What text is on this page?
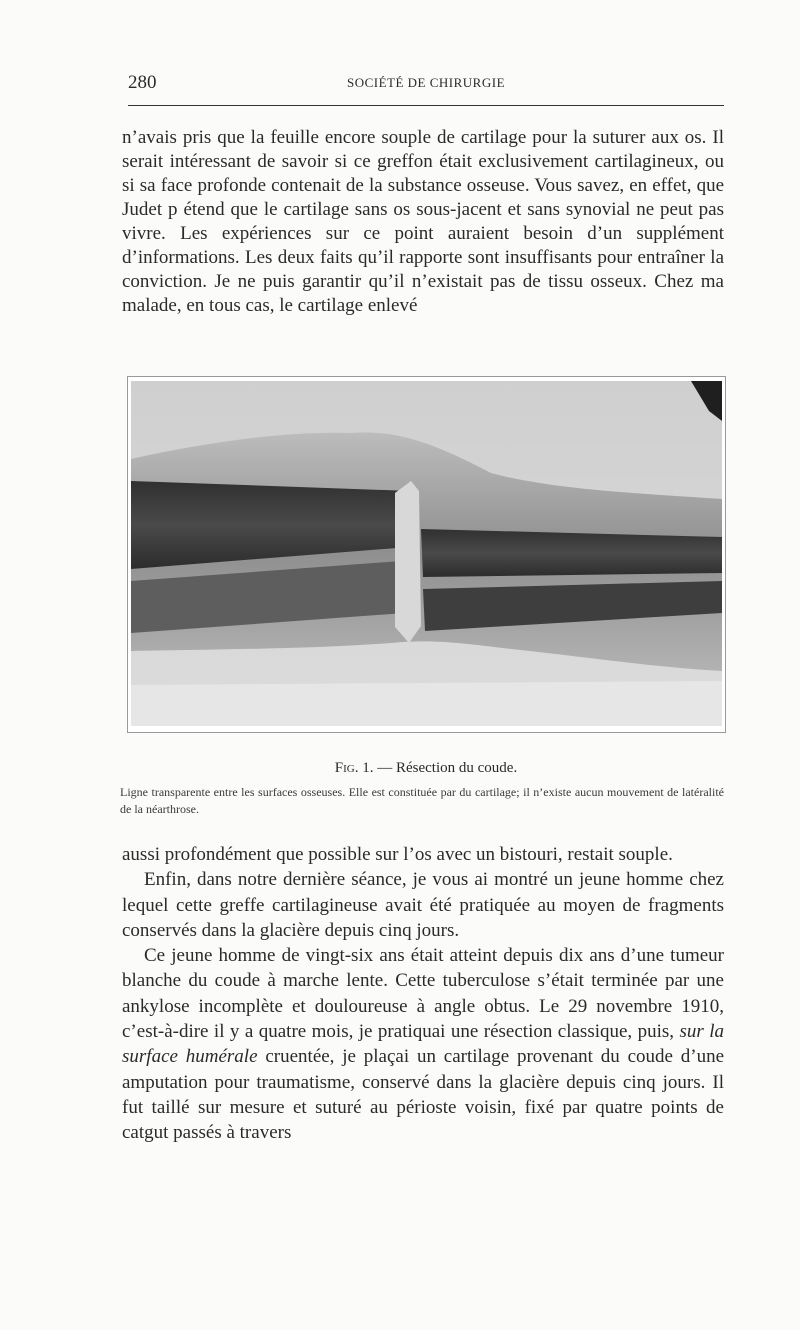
280	SOCIÉTÉ DE CHIRURGIE

n’avais pris que la feuille encore souple de cartilage pour la suturer aux os. Il serait intéressant de savoir si ce greffon était exclusivement cartilagineux, ou si sa face profonde contenait de la substance osseuse. Vous savez, en effet, que Judet p étend que le cartilage sans os sous-jacent et sans synovial ne peut pas vivre. Les expériences sur ce point auraient besoin d’un supplément d’informations. Les deux faits qu’il rapporte sont insuffisants pour entraîner la conviction. Je ne puis garantir qu’il n’existait pas de tissu osseux. Chez ma malade, en tous cas, le cartilage enlevé

Fig. 1. — Résection du coude.
Ligne transparente entre les surfaces osseuses. Elle est constituée par du cartilage; il n’existe aucun mouvement de latéralité de la néarthrose.
aussi profondément que possible sur l’os avec un bistouri, restait souple.
Enfin, dans notre dernière séance, je vous ai montré un jeune homme chez lequel cette greffe cartilagineuse avait été pratiquée au moyen de fragments conservés dans la glacière depuis cinq jours.
Ce jeune homme de vingt-six ans était atteint depuis dix ans d’une tumeur blanche du coude à marche lente. Cette tuberculose s’était terminée par une ankylose incomplète et douloureuse à angle obtus. Le 29 novembre 1910, c’est-à-dire il y a quatre mois, je pratiquai une résection classique, puis, sur la surface humérale cruentée, je plaçai un cartilage provenant du coude d’une amputation pour traumatisme, conservé dans la glacière depuis cinq jours. Il fut taillé sur mesure et suturé au périoste voisin, fixé par quatre points de catgut passés à travers
